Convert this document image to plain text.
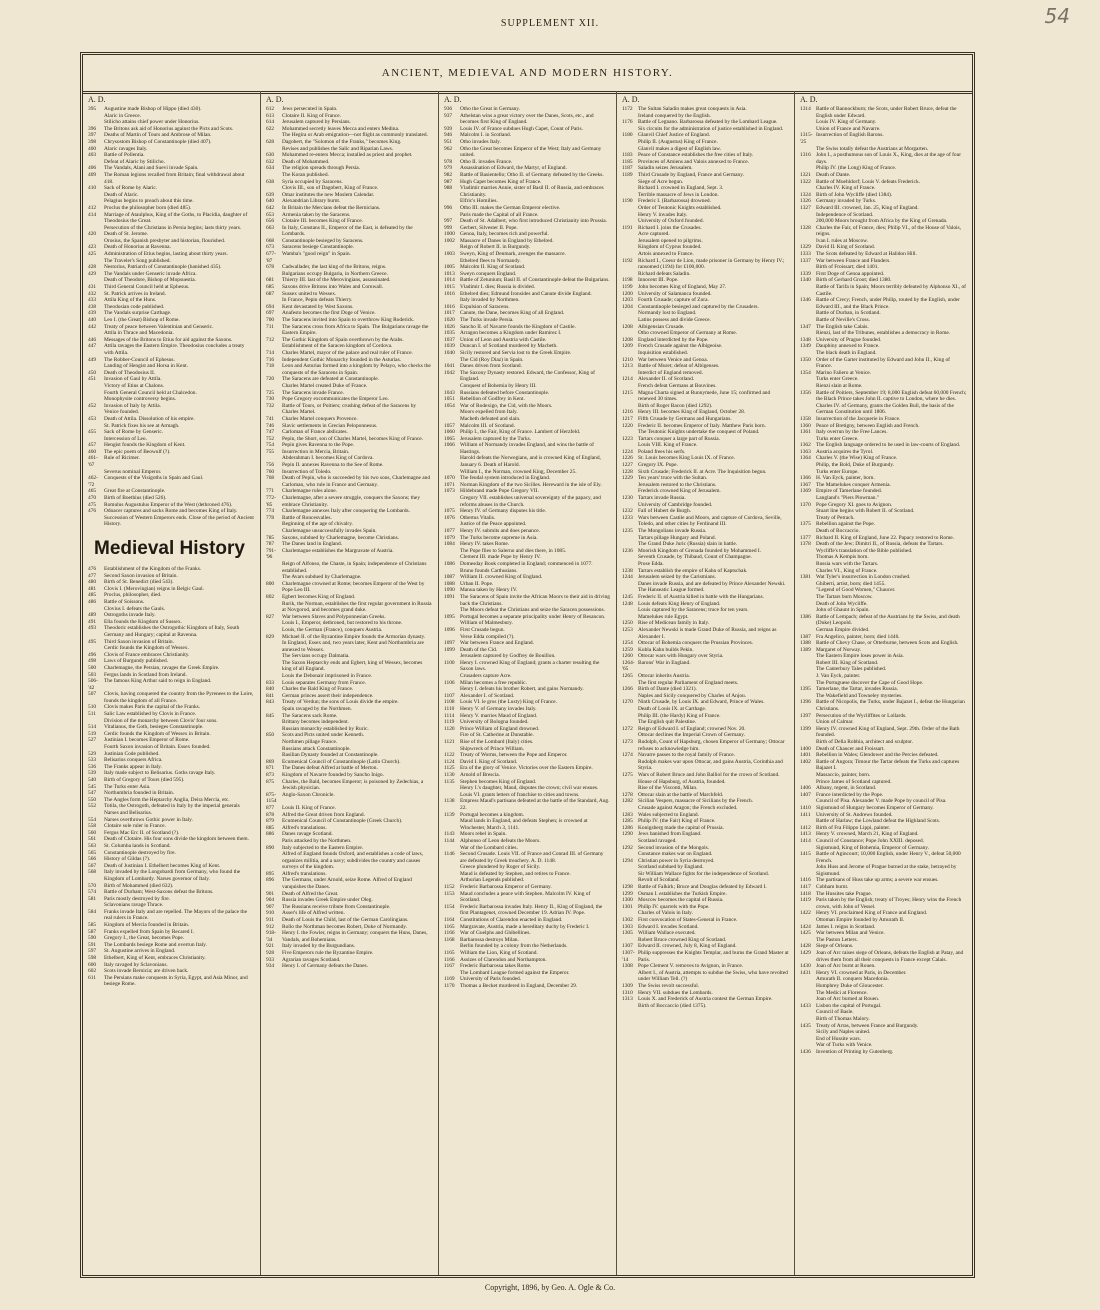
SUPPLEMENT XII.	54
ANCIENT, MEDIEVAL AND MODERN HISTORY.
A. D.
395	Augustine made Bishop of Hippo (died 430).
Alaric in Greece.
Stilicho attains chief power under Honorius.
396	The Britons ask aid of Honorius against the Picts and Scots.
397	Deaths of Martin of Tours and Ambrose of Milan.
398	Chrysostom Bishop of Constantinople (died 407).
400	Alaric ravages Italy.
403	Battle of Pollentia.
Defeat of Alaric by Stilicho.
406	The Vandals, Alani and Suevi invade Spain.
409	The Roman legions recalled from Britain; final withdrawal about 418.
410	Sack of Rome by Alaric.
Death of Alaric.
Pelagius begins to preach about this time.
412	Proclus the philosopher born (died 485).
414	Marriage of Ataulphus, King of the Goths, to Placidia, daughter of Theodosius the Great.
Persecution of the Christians in Persia begins; lasts thirty years.
420	Death of St. Jerome.
Orosius, the Spanish presbyter and historian, flourished.
423	Death of Honorius at Ravenna.
425	Administration of Etius begins, lasting about thirty years.
The Traveler's Song published.
428	Nestorius, Patriarch of Constantinople (banished 435).
429	The Vandals under Genseric invade Africa.
Death of Theodore, Bishop of Mopsuestia.
431	Third General Council held at Ephesus.
432	St. Patrick arrives in Ireland.
433	Attila King of the Huns.
438	Theodosian code published.
439	The Vandals surprise Carthage.
440	Leo I. (the Great) Bishop of Rome.
442	Treaty of peace between Valentinian and Genseric.
Attila in Thrace and Macedonia.
446	Messages of the Britons to Etius for aid against the Saxons.
447	Attila ravages the Eastern Empire. Theodosius concludes a treaty with Attila.
449	The Robber-Council of Ephesus.
Landing of Hengist and Horsa in Kent.
450	Death of Theodosius II.
451	Invasion of Gaul by Attila.
Victory of Etius at Chalons.
Fourth General Council held at Chalcedon.
Monophysite controversy begins.
452	Invasion of Italy by Attila.
Venice founded.
453	Death of Attila. Dissolution of his empire.
St. Patrick fixes his see at Armagh.
455	Sack of Rome by Genseric.
Intercession of Leo.
457	Hengist founds the Kingdom of Kent.
460	The epic poem of Beowulf (?).
461-'67
Rule of Ricimer.
Severus nominal Emperor.
462-'72
Conquests of the Visigoths in Spain and Gaul.
465	Great fire at Constantinople.
470	Birth of Boethius (died 526).
475	Romulus Augustulus Emperor of the West (dethroned 476).
476	Odoacer captures and sacks Rome and becomes King of Italy.
Succession of Western Emperors ends. Close of the period of Ancient History.
Medieval History
476	Establishment of the Kingdom of the Franks.
477	Second Saxon invasion of Britain.
480	Birth of St. Benedict (died 543).
481	Clovis I. (Merovingian) reigns in Belgic Gaul.
485	Proclus, philosopher, died.
486	Battle of Soissons.
Clovius I. defeats the Gauls.
489	Ostrogoths invade Italy.
491	Ella founds the Kingdom of Sussex.
493	Theodoric establishes the Ostrogothic Kingdom of Italy, South Germany and Hungary; capital at Ravenna.
495	Third Saxon invasion of Britain.
Cerdic founds the Kingdom of Wessex.
496	Clovis of France embraces Christianity.
498	Laws of Burgundy published.
500	Charlemagne, the Persian, ravages the Greek Empire.
503	Fergus lands in Scotland from Ireland.
506-'42
The famous King Arthur said to reign in England.
507	Clovis, having conquered the country from the Pyrenees to the Loire, founds the kingdom of all France.
510	Clovis makes Paris the capital of the Franks.
511	Salic Law established by Clovis in France.
Division of the monarchy between Clovis' four sons.
514	Vitalianus, the Goth, besieges Constantinople.
519	Cerdic founds the Kingdom of Wessex in Britain.
527	Justinian I. becomes Emperor of Rome.
Fourth Saxon invasion of Britain. Essex founded.
529	Justinian Code published.
533	Belisarius conquers Africa.
536	The Franks appear in Italy.
539	Italy made subject to Belisarius. Goths ravage Italy.
540	Birth of Gregory of Tours (died 595).
545	The Turks enter Asia.
547	Northumbria founded in Britain.
550	The Angles form the Heptarchy Anglia, Deira Mercia, etc.
552	Totila, the Ostrogoth, defeated in Italy by the imperial generals Narses and Belisarius.
554	Narses overthrows Gothic power in Italy.
558	Clotaire sole ruler in France.
560	Fergus Mac Erc II. of Scotland (?).
561	Death of Clotaire. His four sons divide the kingdom between them.
563	St. Columba lands in Scotland.
565	Constantinople destroyed by fire.
566	History of Gildas (?).
567	Death of Justinian I. Ethelbert becomes King of Kent.
568	Italy invaded by the Longobardi from Germany, who found the Kingdom of Lombardy. Narses governor of Italy.
570	Birth of Mohammed (died 632).
574	Battle of Durham; West-Saxons defeat the Britons.
581	Paris mostly destroyed by fire.
Sclavonians ravage Thrace.
584	Franks invade Italy and are repelled. The Mayors of the palace the real rulers in France.
585	Kingdom of Mercia founded in Britain.
587	Franks expelled from Spain by Recared I.
590	Gregory I., the Great, becomes Pope.
591	The Lombards besiege Rome and overrun Italy.
597	St. Augustine arrives in England.
598	Ethelbert, King of Kent, embraces Christianity.
600	Italy ravaged by Sclavonians.
602	Scots invade Bernicia; are driven back.
611	The Persians make conquests in Syria, Egypt, and Asia Minor, and besiege Rome.
A. D.
612	Jews persecuted in Spain.
613	Clotaire II. King of France.
614	Jerusalem captured by Persians.
622	Mohammed secretly leaves Mecca and enters Medina.
The Hegira or Arab emigration—not flight as commonly translated.
628	Dagobert, the "Solomon of the Franks," becomes King.
Revises and publishes the Salic and Riparian Laws.
630	Mohammed re-enters Mecca; installed as priest and prophet.
632	Death of Mohammed.
634	The religion spreads through Persia.
The Koran published.
638	Syria occupied by Saracens.
Clovis III., son of Dagobert, King of France.
639	Omar institutes the new Moslem Calendar.
640	Alexandrian Library burnt.
642	In Britain the Mercians defeat the Bernicians.
653	Armenia taken by the Saracens.
656	Clotaire III. becomes King of France.
663	In Italy, Constans II., Emperor of the East, is defeated by the Lombards.
668	Constantinople besieged by Saracens.
673	Saracens besiege Constantinople.
677-'87
Wamba's "good reign" in Spain.
678	Cadwallader, the last king of the Britons, reigns.
Bulgarians occupy Bulgaria, in Northern Greece.
681	Thierry III. last of the Merovingians, assassinated.
685	Saxons drive Britons into Wales and Cornwall.
687	Sussex united to Wessex.
In France, Pepin defeats Thierry.
694	Kent devastated by West Saxons.
697	Anafesto becomes the first Doge of Venice.
700	The Saracens invited into Spain to overthrow King Roderick.
711	The Saracens cross from Africa to Spain. The Bulgarians ravage the Eastern Empire.
712	The Gothic Kingdom of Spain overthrown by the Arabs.
Establishment of the Saracen kingdom of Cordova.
714	Charles Martel, mayor of the palace and real ruler of France.
716	Independent Gothic Monarchy founded in the Asturias.
718	Leon and Asturias formed into a kingdom by Pelayo, who checks the conquests of the Saracens in Spain.
720	The Saracens are defeated at Constantinople.
Charles Martel created Duke of France.
725	The Saracens invade France.
730	Pope Gregory excommunicates the Emperor Leo.
732	Battle of Tours, or Poitiers; crushing defeat of the Saracens by Charles Martel.
741	Charles Martel conquers Provence.
746	Slavic settlements in Grecian Peloponnesus.
747	Carloman of France abdicates.
752	Pepin, the Short, son of Charles Martel, becomes King of France.
754	Pepin gives Ravenna to the Pope.
755	Insurrection in Mercia, Britain.
Abderahman I. becomes King of Cordova.
756	Pepin II. annexes Ravenna to the See of Rome.
760	Insurrection of Toledo.
768	Death of Pepin, who is succeeded by his two sons, Charlemagne and Carloman, who rule in France and Germany.
771	Charlemagne rules alone.
772-'85
Charlemagne, after a severe struggle, conquers the Saxons; they embrace Christianity.
774	Charlemagne annexes Italy after conquering the Lombards.
778	Battle of Roncesvalles.
Beginning of the age of chivalry.
Charlemagne unsuccessfully invades Spain.
785	Saxons, subdued by Charlemagne, become Christians.
787	The Danes land in England.
791-'96
Charlemagne establishes the Margravate of Austria.
Reign of Alfonso, the Chaste, in Spain; independence of Christians established.
The Avars subdued by Charlemagne.
800	Charlemagne crowned at Rome; becomes Emperor of the West by Pope Leo III.
802	Egbert becomes King of England.
Rurik, the Norman, establishes the first regular government in Russia at Novgorod, and becomes grand duke.
827	War between Slaves and Polyponnesian Greeks.
Louis I., Emperor, dethroned, but restored to his throne.
Louis, the German (France), conquers Austria.
829	Michael II. of the Byzantine Empire founds the Armorian dynasty.
In England, Essex and, two years later, Kent and Northumbria are annexed to Wessex.
The Servians occupy Dalmatia.
The Saxon Heptarchy ends and Egbert, king of Wessex, becomes king of all England.
Louis the Debonair imprisoned in France.
833	Louis separates Germany from France.
840	Charles the Bald King of France.
841	German princes assert their independence.
843	Treaty of Verdun; the sons of Louis divide the empire.
Spain ravaged by the Northmen.
845	The Saracens sack Rome.
Brittany becomes independent.
Russian monarchy established by Ruric.
850	Scots and Picts united under Kenneth.
Northmen pillage France.
Russians attack Constantinople.
Basilian Dynasty founded at Constantinople.
869	Ecumenical Council of Constantinople (Latin Church).
871	The Danes defeat Alfred at battle of Merton.
873	Kingdom of Navarre founded by Sancho Inigo.
875	Charles, the Bald, becomes Emperor; is poisoned by Zedechias, a Jewish physician.
875-1154
Anglo-Saxon Chronicle.
877	Louis II. King of France.
878	Alfred the Great driven from England.
879	Ecumenical Council of Constantinople (Greek Church).
885	Alfred's translations.
886	Danes ravage Scotland.
Paris attacked by the Northmen.
890	Italy subjected to the Eastern Empire.
Alfred of England founds Oxford, and establishes a code of laws, organizes militia, and a navy; subdivides the country and causes surveys of the kingdom.
895	Alfred's translations.
896	The Germans, under Arnold, seize Rome. Alfred of England vanquishes the Danes.
901	Death of Alfred the Great.
904	Russia invades Greek Empire under Oleg.
907	The Russians receive tribute from Constantinople.
910	Asser's life of Alfred written.
911	Death of Louis the Child, last of the German Carolingians.
912	Rollo the Northman becomes Robert, Duke of Normandy.
918-'34
Henry I. the Fowler, reigns in Germany; conquers the Huns, Danes, Vandals, and Bohemians.
921	Italy invaded by the Burgundians.
928	Five Emperors rule the Byzantine Empire.
933	Agrarian ravages Scotland.
934	Henry I. of Germany defeats the Danes.
A. D.
936	Otho the Great in Germany.
937	Athelstan wins a great victory over the Danes, Scots, etc., and becomes first King of England.
939	Louis IV. of France subdues Hugh Capet, Count of Paris.
946	Malcolm I. in Scotland.
951	Otho invades Italy.
962	Otho the Great becomes Emperor of the West; Italy and Germany united.
978	Otho II. invades France.
979	Assassination of Edward, the Martyr, of England.
982	Battle of Basientello; Otho II. of Germany defeated by the Greeks.
987	Hugh Capet becomes King of France.
988	Vladimir marries Annie, sister of Basil II. of Russia, and embraces Christianity.
Elfric's Homilies.
996	Otho III. makes the German Emperor elective.
Paris made the Capital of all France.
997	Death of St. Adalbert, who first introduced Christianity into Prussia.
999	Gerbert, Silvester II. Pope.
1000 Genoa, Italy, becomes rich and powerful.
1002 Massacre of Danes in England by Ethelred.
Reign of Robert II. in Burgundy.
1003 Sweyn, King of Denmark, avenges the massacre.
Ethelred flees to Normandy.
1005 Malcolm II. King of Scotland.
1013 Sweyn conquers England.
1014 Battle of Zetunium; Basil II. of Constantinople defeat the Bulgarians.
1015 Vladimir I. dies; Russia is divided.
1016 Ethelred dies; Edmund Ironsides and Canute divide England.
Italy invaded by Northmen.
1016 Expulsion of Saracens.
1017 Canute, the Dane, becomes King of all England.
1020 The Turks invade Persia.
1026 Sancho II. of Navarre founds the Kingdom of Castile.
1035 Arragon becomes a Kingdom under Ramirez I.
1037 Union of Leon and Austria with Castile.
1039 Duncan I. of Scotland murdered by Macbeth.
1040 Sicily restored and Servia lost to the Greek Empire.
The Cid (Roy Diaz) in Spain.
1041 Danes driven from Scotland.
1042 The Saxony Dynasty restored. Edward, the Confessor, King of England.
Conquest of Bohemia by Henry III.
1043 Russians defeated before Constantinople.
1051 Rebellion of Godfrey in Kent.
1054 War of Rodexigo, the Cid, with the Moors.
Moors expelled from Italy.
Macbeth defeated and slain.
1057 Malcolm III. of Scotland.
1060 Philip I., the Fair, King of France. Lambert of Herzfeld.
1065 Jerusalem captured by the Turks.
1066 William of Normandy invades England, and wins the battle of Hastings.
Harold defeats the Norwegians, and is crowned King of England, January 6. Death of Harold.
William I., the Norman, crowned King, December 25.
1070 The feudal system introduced in England.
1071 Norman Kingdom of the two Sicilies. Hereward in the isle of Ely.
1073 Hildebrand made Pope Gregory VII.
Gregory VII. establishes universal sovereignty of the papacy, and reforms abuses in the Church.
1075 Henry IV. of Germany disputes his title.
1076 Otbertus Vitalis.
Justice of the Peace appointed.
1077 Henry IV. submits and does penance.
1079 The Turks become supreme in Asia.
1084 Henry IV. takes Rome.
The Pope flies to Salerno and dies there, in 1085.
Clement III. made Pope by Henry IV.
1086 Domesday Book completed in England; commenced in 1077.
Bruno founds Carthusians.
1087 William II. crowned King of England.
1088 Urban II. Pope.
1090 Manua taken by Henry IV.
1091 The Saracens of Spain invite the African Moors to their aid in driving back the Christians.
The Moors defeat the Christians and seize the Saracen possessions.
1095 Portugal becomes a separate principality under Henry of Besancon.
William of Malmesbury.
1096 First Crusade begun.
Verse Edda compiled (?).
1097 War between France and England.
1099 Death of the Cid.
Jerusalem captured by Godfrey de Bouillon.
1100	Henry I. crowned King of England; grants a charter resulting the Saxon laws.
Crusaders capture Acre.
1106	Milan becomes a free republic.
Henry I. defeats his brother Robert, and gains Normandy.
1107	Alexander I. of Scotland.
1108	Louis VI. le gros (the Lusty) King of France.
1110	Henry V. of Germany invades Italy.
1114	Henry V. marries Maud of England.
1119	University of Bologna founded.
1120	Prince William of England drowned.
Fire of St. Catherine at Dunstable.
1121	Rise of the Lombard (Italy) cities.
Shipwreck of Prince William.
1122	Treaty of Worms, between the Pope and Emperor.
1124	David I. King of Scotland.
1125	Era of the glory of Venice. Victories over the Eastern Empire.
1130	Arnold of Brescia.
1135	Stephen becomes King of England.
Henry I.'s daughter, Maud, disputes the crown; civil war ensues.
Louis VI. grants letters of franchise to cities and towns.
1138	Empress Maud's partisans defeated at the battle of the Standard, Aug. 22.
1139	Portugal becomes a kingdom.
Maud lands in England, and defeats Stephen; is crowned at Winchester, March 3, 1141.
1143	Moors rebel in Spain.
1144	Alphonso of Leon defeats the Moors.
War of the Lombard cities.
1146	Second Crusade. Louis VII. of France and Conrad III. of Germany are defeated by Greek treachery. A. D. 1148.
Greece plundered by Roger of Sicily.
Maud is defeated by Stephen, and retires to France.
Arthurian Legends published.
1152	Frederic Barbarossa Emperor of Germany.
1153	Maud concludes a peace with Stephen. Malcolm IV. King of Scotland.
1154	Frederic Barbarossa invades Italy. Henry II., King of England, the first Plantagenet, crowned December 19. Adrian IV. Pope.
1164	Constitutions of Clarendon enacted in England.
1165	Margravate, Austria, made a hereditary duchy by Frederic I.
1166	War of Guelphs and Ghibellines.
1168	Barbarossa destroys Milan.
Berlin founded by a colony from the Netherlands.
1165	William the Lion, King of Scotland.
1166	Assizes of Clarendon and Northampton.
1167	Frederic Barbarossa takes Rome.
The Lombard League formed against the Emperor.
1169	University of Paris founded.
1170	Thomas a Becket murdered in England, December 29.
A. D.
1172	The Sultan Saladin makes great conquests in Asia.
Ireland conquered by the English.
1176	Battle of Legnano. Barbarossa defeated by the Lombard League.
Six circuits for the administration of justice established in England.
1180	Glanvil Chief Justice of England.
Philip II. (Augustus) King of France.
Glanvil makes a digest of English law.
1183	Peace of Constance establishes the free cities of Italy.
1185	Provinces of Amiens and Valois annexed to France.
1187	Saladin seizes Jerusalem.
1189	Third Crusade by England, France and Germany.
Siege of Acre begun.
Richard I. crowned in England, Sept. 3.
Terrible massacre of Jews in London.
1190	Frederic I. (Barbarossa) drowned.
Order of Teutonic Knights established.
Henry V. invades Italy.
University of Oxford founded.
1191	Richard I. joins the Crusades.
Acre captured.
Jerusalem opened to pilgrims.
Kingdom of Cyprus founded.
Artois annexed to France.
1192	Richard I., Coeur de Lion, made prisoner in Germany by Henry IV.; ransomed (1194) for £100,000.
Richard defeats Saladin.
1198	Innocent III. Pope.
1199	John becomes King of England, May 27.
1200 University of Salamanca founded.
1203 Fourth Crusade; capture of Zora.
1204 Constantinople besieged and captured by the Crusaders.
Normandy lost to England.
Latins possess and divide Greece.
1208 Albigensian Crusade.
Otho crowned Emperor of Germany at Rome.
1208 England interdicted by the Pope.
1209 French Crusade against the Albigeoise.
Inquisition established.
1210 War between Venice and Genoa.
1213 Battle of Muret; defeat of Albigenses.
Interdict of England removed.
1214 Alexander II. of Scotland.
French defeat Germans at Bouvines.
1215 Magna Charta signed at Runnymede, June 15; confirmed and renewed 30 times.
Birth of Roger Bacon (died 1292).
1216 Henry III. becomes King of England, October 28.
1217 Fifth Crusade by Germans and Hungarians.
1220 Frederic II. becomes Emperor of Italy. Matthew Paris born.
The Teutonic Knights undertake the conquest of Poland.
1223 Tartars conquer a large part of Russia.
Louis VIII. King of France.
1224 Poland frees his serfs.
1226 St. Louis becomes King Louis IX. of France.
1227 Gregory IX. Pope.
1228 Sixth Crusade; Frederick II. at Acre. The Inquisition begun.
1229 Ten years' truce with the Sultan.
Jerusalem restored to the Christians.
Frederick crowned King of Jerusalem.
1230 Tartars invade Russia.
University of Cambridge founded.
1232 Fall of Hubert de Burgh.
1233 Wars between Castile and Moors, and capture of Cordova, Seville, Toledo, and other cities by Ferdinand III.
1235 The Mongolians invade Russia.
Tartars pillage Hungary and Poland.
The Grand Duke Juric (Russia) slain in battle.
1236 Moorish Kingdom of Grenada founded by Mohammed I.
Seventh Crusade, by Thibaud, Count of Champagne.
Prose Edda.
1238 Tartars establish the empire of Kahn of Kaptschak.
1244 Jerusalem seized by the Carismians.
Danes invade Russia, and are defeated by Prince Alexander Newski.
The Hanseatic League formed.
1245 Frederic II. of Austria killed in battle with the Hungarians.
1248 Louis defeats King Henry of England.
Louis captured by the Saracens; truce for ten years.
Mamelukes rule Egypt.
1250 Rise of Medicean family in Italy.
1253 Alexander Newski is made Grand Duke of Russia, and reigns as Alexander I.
1254 Ottocar of Bohemia conquers the Prussian Provinces.
1259 Kubla Kahn builds Pekin.
1260 Ottocar wars with Hungary over Styria.
1264-'65
Barons' War in England.
1265 Ottocar inherits Austria.
The first regular Parliament of England meets.
1266 Birth of Dante (died 1321).
Naples and Sicily conquered by Charles of Anjou.
1270 Ninth Crusade, by Louis IX. and Edward, Prince of Wales.
Death of Louis IX. at Carthage.
Philip III. (the Hardy) King of France.
The English quit Palestine.
1272 Reign of Edward I. of England; crowned Nov. 20.
Ottocar declines the Imperial Crown of Germany.
1273 Rudolph, Count of Hapsburg, chosen Emperor of Germany; Ottocar refuses to acknowledge him.
1274 Navarre passes to the royal family of France.
Rudolph makes war upon Ottocar, and gains Austria, Corinthia and Styria.
1275 Wars of Robert Bruce and John Balliol for the crown of Scotland.
House of Hapsburg, of Austria, founded.
Rise of the Visconti, Milan.
1278 Ottocar slain at the battle of Marchfeld.
1282 Sicilian Vespers, massacre of Sicilians by the French.
Crusade against Aragon; the French excluded.
1283 Wales subjected to England.
1285 Philip IV. (the Fair) King of France.
1286 Konigsberg made the capital of Prussia.
1290 Jews banished from England.
Scotland ravaged.
1292 Second invasion of the Mongols.
Constance makes war on England.
1294 Christian power in Syria destroyed.
Scotland subdued by England.
Sir William Wallace fights for the independence of Scotland.
Revolt of Scotland.
1298 Battle of Falkirk; Bruce and Douglas defeated by Edward I.
1299 Osman I. establishes the Turkish Empire.
1300 Moscow becomes the capital of Russia.
1301 Philip IV. quarrels with the Pope.
Charles of Valois in Italy.
1302 First convocation of States-General in France.
1303 Edward I. invades Scotland.
1305 William Wallace executed.
Robert Bruce crowned King of Scotland.
1307 Edward II. crowned, July 8, King of England.
1307-'14
Philip suppresses the Knights Templar, and burns the Grand Master at Paris.
1308 Pope Clement V. removes to Avignon, in France.
Albert I., of Austria, attempts to subdue the Swiss, who have revolted under William Tell. (?)
1309 The Swiss revolt successful.
1310 Henry VII. subdues the Lombards.
1313 Louis X. and Frederick of Austria contest the German Empire.
Birth of Boccaccio (died 1375).
A. D.
1314 Battle of Bannockburn; the Scots, under Robert Bruce, defeat the English under Edward.
Louis IV. King of Germany.
Union of France and Navarre.
1315-'25
Insurrection of English Barons.
The Swiss totally defeat the Austrians at Morgarten.
1316 John I., a posthumous son of Louis X., King, dies at the age of four days.
Philip IV. (the Long) King of France.
1321 Death of Dante.
1322 Battle of Muehldorf; Louis V. defeats Frederick.
Charles IV. King of France.
1324 Birth of John Wycliffe (died 1384).
1326 Germany invaded by Turks.
1327 Edward III. crowned, Jan. 25, King of England.
Independence of Scotland.
200,000 Moors brought from Africa by the King of Grenada.
1328 Charles the Fair, of France, dies; Philip VI., of the House of Valois, reigns.
Ivan I. rules at Moscow.
1329 David II. King of Scotland.
1333 The Scots defeated by Edward at Halidon Hill.
1337 War between France and Flanders.
Birth of Froissart; died 1401.
1339 First Doge of Genoa appointed.
1340 Birth of Gerhard Groot; died 1380.
Battle of Tarifa in Spain; Moors terribly defeated by Alphonso XI., of Castile.
1346 Battle of Crecy; French, under Philip, routed by the English, under Edward III., and the Black Prince.
Battle of Durban, in Scotland.
Battle of Neville's Cross.
1347 The English take Calais.
Rienzi, last of the Tribunes, establishes a democracy in Rome.
1348 University of Prague founded.
1349 Dauphiny annexed to France.
The black death in England.
1350 Order of the Garter instituted by Edward and John II., King of France.
1354 Marino Faliero at Venice.
Turks enter Greece.
Rienzi slain at Rome.
1356 Battle of Poitiers, September 19; 8,000 English defeat 60,000 French; the Black Prince takes John II. captive to London, where he dies.
Charles IV. of Germany, grants the Golden Bull, the basis of the German Constitution until 1806.
1358 Insurrection of the Jacquerie in France.
1360 Peace of Bretigny, between English and French.
1361 Italy overrun by the Free Lances.
Turks enter Greece.
1362 The English language ordered to be used in law-courts of England.
1363 Austria acquires the Tyrol.
1364 Charles V. (the Wise) King of France.
Philip, the Bold, Duke of Burgundy.
Turks enter Europe.
1366 H. Van Eyck, painter, born.
1367 The Mamelukes conquer Armenia.
1369 Empire of Tamerlane founded.
Langland's "Piers Plowman."
1370 Pope Gregory XI. goes to Avignon.
Stuart line begins with Robert II. of Scotland.
Treaty of Petrach.
1375 Rebellion against the Pope.
Death of Boccaccio.
1377 Richard II. King of England, June 22. Papacy restored to Rome.
1378 Death of the Jew; Dimitri II., of Russia, defeats the Tartars.
Wycliffe's translation of the Bible published.
Thomas A Kempis born.
Russia wars with the Tartars.
Charles VI., King of France.
1381 Wat Tyler's insurrection in London crushed.
Ghiberti, artist, born; died 1455.
"Legend of Good Women," Chaucer.
The Tartars burn Moscow.
Death of John Wycliffe.
John of Ghaunt in Spain.
1386 Battle of Lempach; defeat of the Austrians by the Swiss, and death (Duke) Leopold.
German Empire divided.
1387 Fra Angelico, painter, born; died 1446.
1388 Battle of Chevy Chase, or Otterburne, between Scots and English.
1389 Margaret of Norway.
The Eastern Empire loses power in Asia.
Robert III. King of Scotland.
The Canterbury Tales published.
J. Van Eyck, painter.
The Portuguese discover the Cape of Good Hope.
1395 Tamerlane, the Tartar, invades Russia.
The Wakefield and Towneley mysteries.
1396 Battle of Nicopolis, the Turks, under Bajazet I., defeat the Hungarian Christians.
1397 Persecution of the Wycliffites or Lollards.
Union of Calmar.
1399 Henry IV. crowned King of England, Sept. 29th. Order of the Bath founded.
Birth of Della Robbia, architect and sculptor.
1400 Death of Chaucer and Froissart.
1401 Rebellion in Wales; Glendower and the Percies defeated.
1402 Battle of Angora; Timour the Tartar defeats the Turks and captures Bajazet I.
Massaccio, painter, born.
Prince James of Scotland captured.
1406 Albany, regent, in Scotland.
1407 France interdicted by the Pope.
Council of Pisa. Alexander V. made Pope by council of Pisa.
1410 Sigismund of Hungary becomes Emperor of Germany.
1411	University of St. Andrews founded.
Battle of Harlaw; the Lowland defeat the Highland Scots.
1412 Birth of Fra Filippo Lippi, painter.
1413 Henry V. crowned, March 21, King of England.
1414 Council of Constance; Pope John XXIII. deposed.
Sigismund, King of Bohemia, Emperor of Germany.
1415 Battle of Agincourt; 10,000 English, under Henry V., defeat 50,000 French.
John Huss and Jerome of Prague burned at the stake, betrayed by Sigismund.
1416 The partisans of Huss take up arms; a severe war ensues.
1417 Cobham burnt.
1418 The Hussites take Prague.
1419 Paris taken by the English; treaty of Troyes; Henry wins the French crown, with John of Vessel.
1422 Henry VI. proclaimed King of France and England.
Ottoman Empire founded by Amurath II.
1424 James I. reigns in Scotland.
1425 War between Milan and Venice.
The Paston Letters.
1428 Siege of Orleans.
1429 Joan of Arc raises siege of Orleans, defeats the English at Patay, and drives them from all their conquests in France except Calais.
1430 Joan of Arc burnt at Rouen.
1431 Henry VI. crowned at Paris, in December.
Amurath II. conquers Macedonia.
Humphrey Duke of Gloucester.
The Medici at Florence.
Joan of Arc burned at Rouen.
1433 Lisbon the capital of Portugal.
Council of Basle.
Birth of Thomas Malory.
1435 Treaty of Arras, between France and Burgundy.
Sicily and Naples united.
End of Hussite wars.
War of Turks with Venice.
1436 Invention of Printing by Gutenberg.
Copyright, 1896, by Geo. A. Ogle & Co.
